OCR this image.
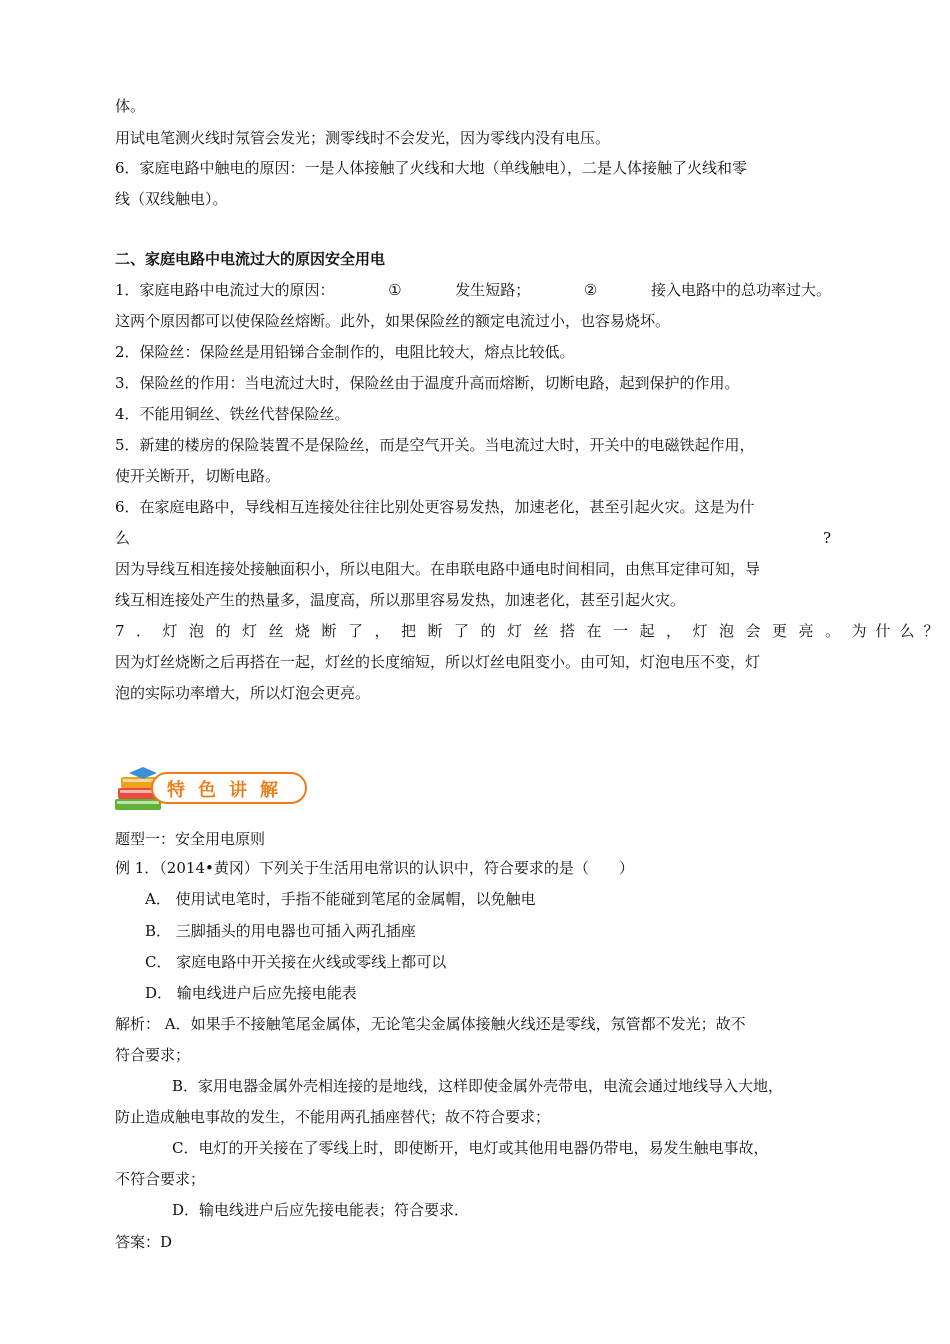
体。
用试电笔测火线时氖管会发光；测零线时不会发光，因为零线内没有电压。
6．家庭电路中触电的原因：一是人体接触了火线和大地（单线触电），二是人体接触了火线和零
线（双线触电）。
二、家庭电路中电流过大的原因安全用电
1．家庭电路中电流过大的原因：	①	发生短路；	②	接入电路中的总功率过大。
这两个原因都可以使保险丝熔断。此外，如果保险丝的额定电流过小，也容易烧坏。
2．保险丝：保险丝是用铅锑合金制作的，电阻比较大，熔点比较低。
3．保险丝的作用：当电流过大时，保险丝由于温度升高而熔断，切断电路，起到保护的作用。
4．不能用铜丝、铁丝代替保险丝。
5．新建的楼房的保险装置不是保险丝，而是空气开关。当电流过大时，开关中的电磁铁起作用，
使开关断开，切断电路。
6．在家庭电路中，导线相互连接处往往比别处更容易发热，加速老化，甚至引起火灾。这是为什
么	?
因为导线互相连接处接触面积小，所以电阻大。在串联电路中通电时间相同，由焦耳定律可知，导
线互相连接处产生的热量多，温度高，所以那里容易发热，加速老化，甚至引起火灾。
7．灯泡的灯丝烧断了，把断了的灯丝搭在一起，灯泡会更亮。 为什么？
因为灯丝烧断之后再搭在一起，灯丝的长度缩短，所以灯丝电阻变小。由可知，灯泡电压不变，灯
泡的实际功率增大，所以灯泡会更亮。
特色讲解
题型一：安全用电原则
例 1．（2014•黄冈）下列关于生活用电常识的认识中，符合要求的是（　　）
A． 使用试电笔时，手指不能碰到笔尾的金属帽，以免触电
B． 三脚插头的用电器也可插入两孔插座
C． 家庭电路中开关接在火线或零线上都可以
D． 输电线进户后应先接电能表
解析： A．如果手不接触笔尾金属体，无论笔尖金属体接触火线还是零线，氖管都不发光；故不
符合要求；
B．家用电器金属外壳相连接的是地线，这样即使金属外壳带电，电流会通过地线导入大地，
防止造成触电事故的发生，不能用两孔插座替代；故不符合要求；
C．电灯的开关接在了零线上时，即使断开，电灯或其他用电器仍带电，易发生触电事故，
不符合要求；
D．输电线进户后应先接电能表；符合要求．
答案：D
